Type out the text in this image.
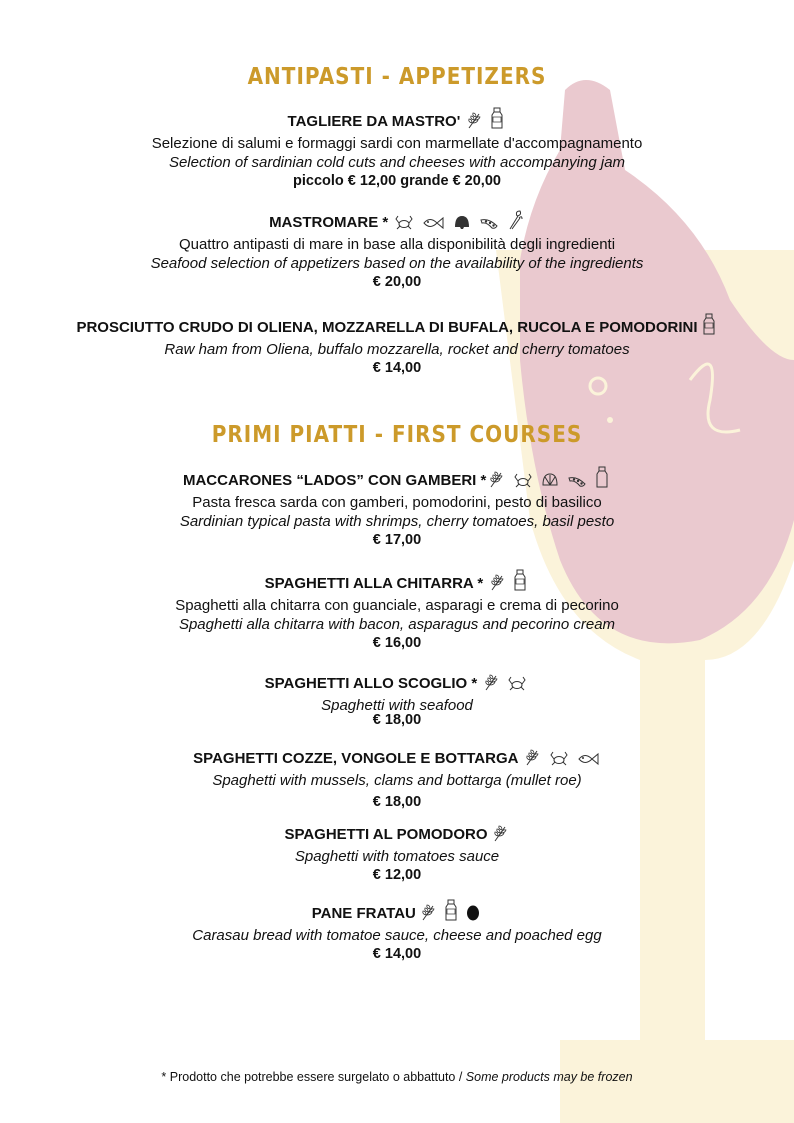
ANTIPASTI - APPETIZERS
TAGLIERE DA MASTRO'
Selezione di salumi e formaggi sardi con marmellate d'accompagnamento
Selection of sardinian cold cuts and cheeses with accompanying jam
piccolo € 12,00 grande € 20,00
MASTROMARE *
Quattro antipasti di mare in base alla disponibilità degli ingredienti
Seafood selection of appetizers based on the availability of the ingredients
€ 20,00
PROSCIUTTO CRUDO DI OLIENA, MOZZARELLA DI BUFALA, RUCOLA E POMODORINI
Raw ham from Oliena, buffalo mozzarella, rocket and cherry tomatoes
€ 14,00
PRIMI PIATTI - FIRST COURSES
MACCARONES “LADOS” CON GAMBERI *
Pasta fresca sarda con gamberi, pomodorini, pesto di basilico
Sardinian typical pasta with shrimps, cherry tomatoes, basil pesto
€ 17,00
SPAGHETTI ALLA CHITARRA *
Spaghetti alla chitarra con guanciale, asparagi e crema di pecorino
Spaghetti alla chitarra with bacon, asparagus and pecorino cream
€ 16,00
SPAGHETTI ALLO SCOGLIO *
Spaghetti with seafood
€ 18,00
SPAGHETTI COZZE, VONGOLE E BOTTARGA
Spaghetti with mussels, clams and bottarga (mullet roe)
€ 18,00
SPAGHETTI AL POMODORO
Spaghetti with tomatoes sauce
€ 12,00
PANE FRATAU
Carasau bread with tomatoe sauce, cheese and poached egg
€ 14,00
* Prodotto che potrebbe essere surgelato o abbattuto / Some products may be frozen
